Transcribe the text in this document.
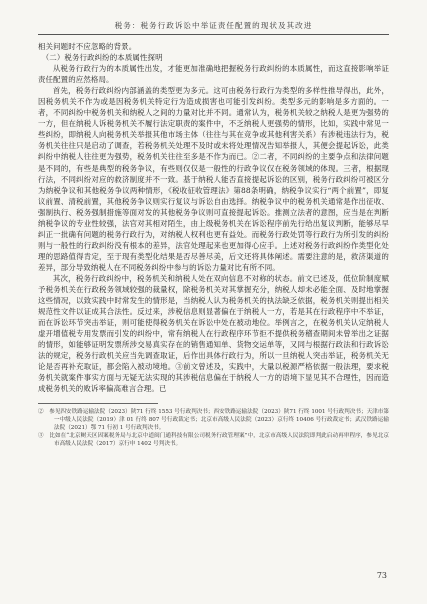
税务：税务行政诉讼中举证责任配置的现状及其改进

相关问题时不应忽略的背景。

（二）税务行政纠纷的本质属性探明

从税务行政行为的本质属性出发，才能更加准确地把握税务行政纠纷的本质属性，而这直接影响举证责任配置的应然格局。

首先，税务行政纠纷内部涵盖的类型更为多元。这可由税务行政行为类型的多样性推导得出，此外，因税务机关不作为或是因税务机关特定行为造成损害也可能引发纠纷。类型多元的影响是多方面的。一者，不同纠纷中税务机关和纳税人之间的力量对比并不同。通常认为，税务机关较之纳税人是更为强势的一方，但在纳税人诉税务机关不履行法定职责的案件中，不乏纳税人更强势的情形，比如，实践中常见一些纠纷，即纳税人向税务机关举报其他市场主体（往往与其在竞争或其他利害关系）有涉税违法行为，税务机关往往只是启动了调查，若税务机关处理不及时或未将处理情况告知举报人，其便会提起诉讼，此类纠纷中纳税人往往更为强势，税务机关往往至多是不作为而已。②二者，不同纠纷的主要争点和法律问题是不同的，有些是典型的税务争议，有些则仅仅是一般性的行政争议仅在税务领域的体现。三者，根据现行法，不同纠纷对应的救济制度并不一致。基于纳税人能否直接提起诉讼的区别，税务行政纠纷可被区分为纳税争议和其他税务争议两种情形，《税收征收管理法》第88条明确，纳税争议实行“两个前置”，即复议前置、清税前置，其他税务争议则实行复议与诉讼自由选择。纳税争议中的税务机关通常是作出征收、强制执行、税务强制措施等面对发的其他税务争议则可直接提起诉讼。推测立法者的意图，应当是在判断纳税争议的专业性较强，法官对其相对陌生，由上级税务机关在诉讼程序前先行给出复议判断，能够尽早纠正一批确有问题的税务行政行为，对纳税人权利也更有益处。而税务行政处罚等行政行为所引发的纠纷则与一般性的行政纠纷没有根本的差异，法官处理起来也更加得心应手。上述对税务行政纠纷作类型化处理的思路值得肯定，至于现有类型化结果是否尽善尽美，后文还将具体阐述。需要注意的是，救济渠道的差异，部分导致纳税人在不同税务纠纷中参与的诉讼力量对比有所不同。

其次，税务行政纠纷中，税务机关和纳税人处在双向信息不对称的状态。前文已述及，低位阶制度赋予税务机关在行政税务领域较强的裁量权，除税务机关对其掌握充分，纳税人却未必能全面、及时地掌握这些情况，以致实践中时常发生的情形是，当纳税人认为税务机关的执法缺乏依据，税务机关则提出相关规范性文件以证成其合法性。反过来，涉税信息则显著偏在于纳税人一方，若是其在行政程序中不举证，而在诉讼环节突击举证，则可能使得税务机关在诉讼中处在被动地位。举例言之，在税务机关认定纳税人虚开增值税专用发票而引发的纠纷中，常有纳税人在行政程序环节拒不提供税务稽查期间未曾举出之证据的情形，如能够证明发票所涉交易真实存在的销售通知单、货物交运单等，又同与根据行政法和行政诉讼法的规定，税务行政机关应当先调查取证，后作出具体行政行为，所以一旦纳税人突击举证，税务机关无论是否再补充取证，都会陷入被动境地。③前文曾述及，实践中，大量以税源严格依据一般法理，要求税务机关就案件事实方面与无疑无法实现的其涉税信息偏在于纳税人一方的语境下显见其不合理性，因而造成税务机关的败诉率偏高难言合理。已

②　参见四安铁路运输法院（2023）陕71 行终 1553 号行政判决书；西安铁路运输法院（2023）陕71 行终 1001 号行政判决书；天津市第一中级人民法院（2019）津 01 行终 807 号行政裁定书；北京市高级人民法院（2023）京行终 10406 号行政裁定书；武汉铁路运输法院（2021）鄂 71 行初 1 号行政判决书。

③　比如在“北京鲥天区因案税务局与北京中道闽门通科技有限公司税务行政管理案”中，北京市高级人民法院即判此启动再审程序，参见北京市高级人民法院（2017）京行申 1402 号判决书。

73
